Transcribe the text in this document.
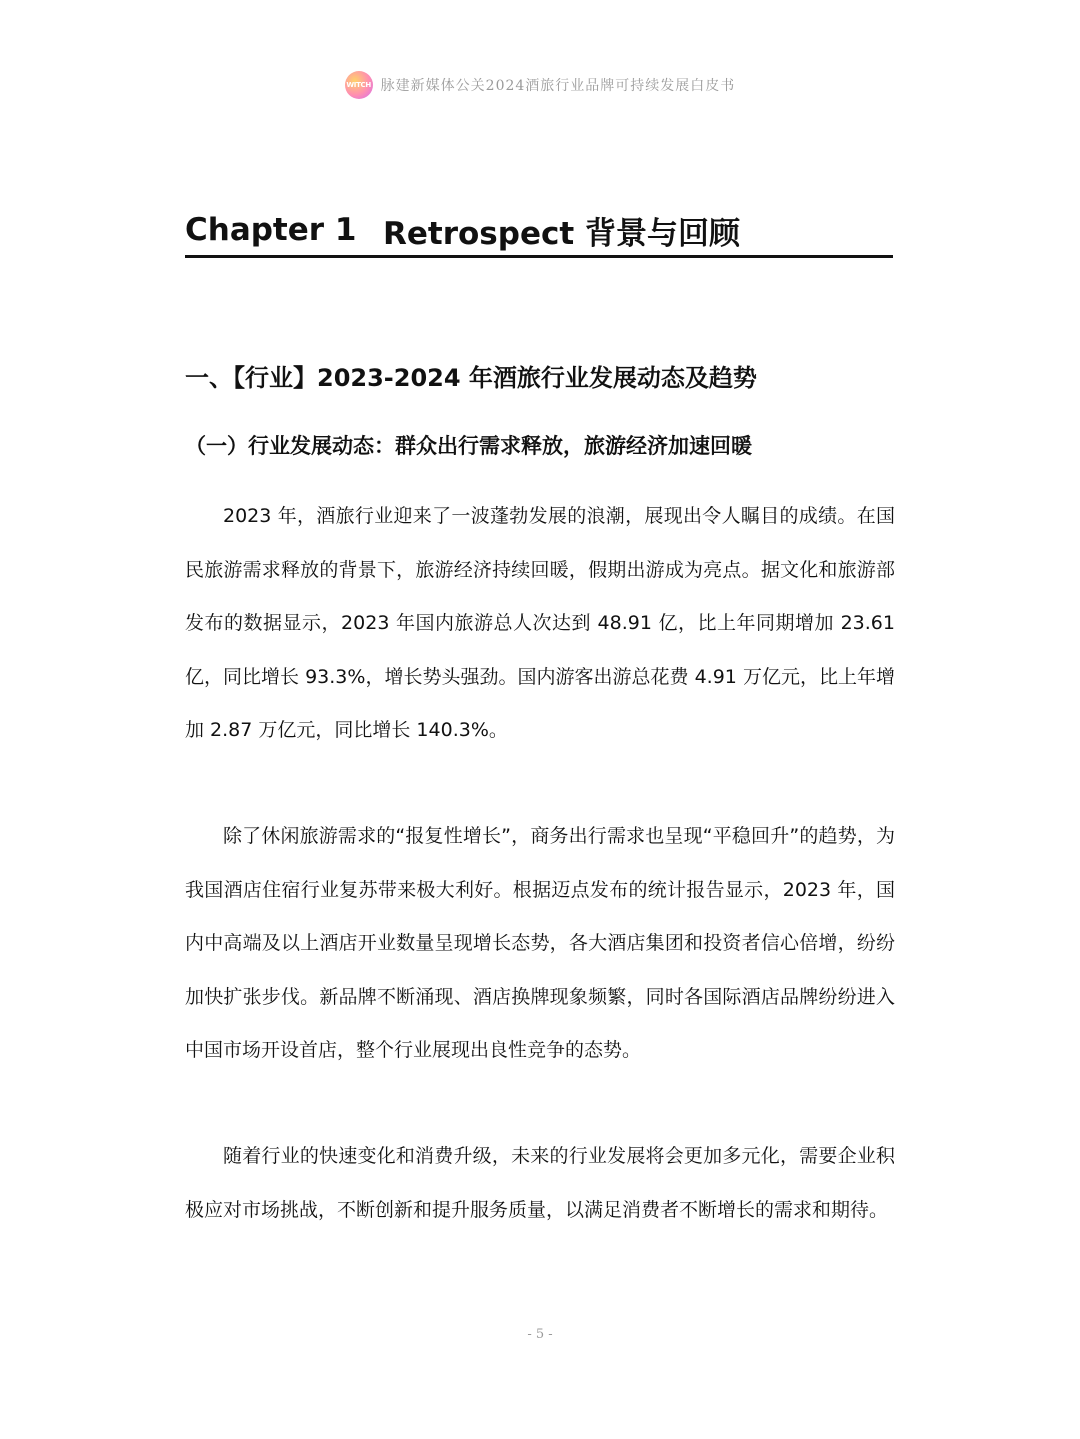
WITCH 脉建新媒体公关2024酒旅行业品牌可持续发展白皮书
Chapter 1 Retrospect 背景与回顾
一、【行业】2023-2024 年酒旅行业发展动态及趋势
（一）行业发展动态：群众出行需求释放，旅游经济加速回暖

2023 年，酒旅行业迎来了一波蓬勃发展的浪潮，展现出令人瞩目的成绩。在国民旅游需求释放的背景下，旅游经济持续回暖，假期出游成为亮点。据文化和旅游部发布的数据显示，2023 年国内旅游总人次达到 48.91 亿，比上年同期增加 23.61 亿，同比增长 93.3%，增长势头强劲。国内游客出游总花费 4.91 万亿元，比上年增加 2.87 万亿元，同比增长 140.3%。

除了休闲旅游需求的“报复性增长”，商务出行需求也呈现“平稳回升”的趋势，为我国酒店住宿行业复苏带来极大利好。根据迈点发布的统计报告显示，2023 年，国内中高端及以上酒店开业数量呈现增长态势，各大酒店集团和投资者信心倍增，纷纷加快扩张步伐。新品牌不断涌现、酒店换牌现象频繁，同时各国际酒店品牌纷纷进入中国市场开设首店，整个行业展现出良性竞争的态势。

随着行业的快速变化和消费升级，未来的行业发展将会更加多元化，需要企业积极应对市场挑战，不断创新和提升服务质量，以满足消费者不断增长的需求和期待。

- 5 -
